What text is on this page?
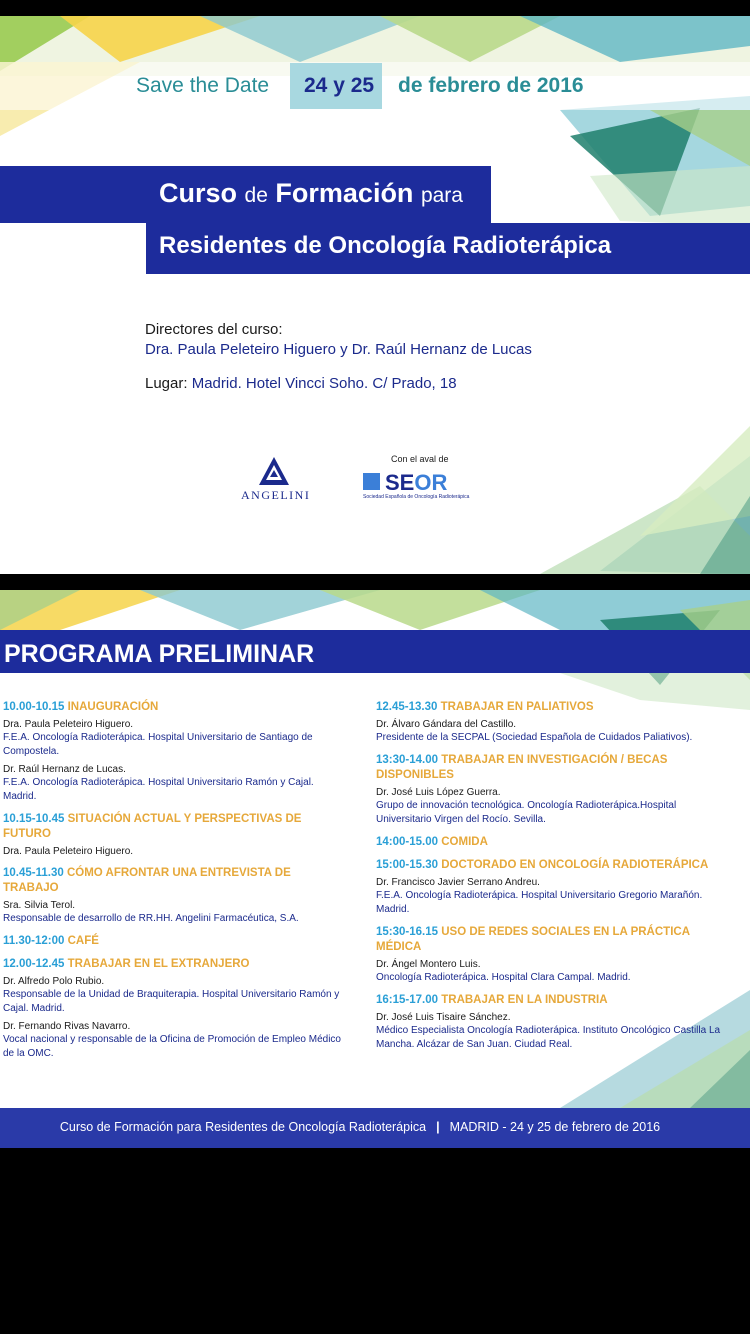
Save the Date 24 y 25 de febrero de 2016
Curso de Formación para
Residentes de Oncología Radioterápica
Directores del curso:
Dra. Paula Peleteiro Higuero y Dr. Raúl Hernanz de Lucas
Lugar: Madrid. Hotel Vincci Soho. C/ Prado, 18
ANGELINI
Con el aval de
SEOR
Sociedad Española de Oncología Radioterápica
PROGRAMA PRELIMINAR
10.00-10.15 INAUGURACIÓN
Dra. Paula Peleteiro Higuero.
F.E.A. Oncología Radioterápica. Hospital Universitario de Santiago de Compostela.
Dr. Raúl Hernanz de Lucas.
F.E.A. Oncología Radioterápica. Hospital Universitario Ramón y Cajal. Madrid.
10.15-10.45 SITUACIÓN ACTUAL Y PERSPECTIVAS DE FUTURO
Dra. Paula Peleteiro Higuero.
10.45-11.30 CÓMO AFRONTAR UNA ENTREVISTA DE TRABAJO
Sra. Silvia Terol.
Responsable de desarrollo de RR.HH. Angelini Farmacéutica, S.A.
11.30-12:00 CAFÉ
12.00-12.45 TRABAJAR EN EL EXTRANJERO
Dr. Alfredo Polo Rubio.
Responsable de la Unidad de Braquiterapia. Hospital Universitario Ramón y Cajal. Madrid.
Dr. Fernando Rivas Navarro.
Vocal nacional y responsable de la Oficina de Promoción de Empleo Médico de la OMC.
12.45-13.30 TRABAJAR EN PALIATIVOS
Dr. Álvaro Gándara del Castillo.
Presidente de la SECPAL (Sociedad Española de Cuidados Paliativos).
13:30-14.00 TRABAJAR EN INVESTIGACIÓN / BECAS DISPONIBLES
Dr. José Luis López Guerra.
Grupo de innovación tecnológica. Oncología Radioterápica.Hospital Universitario Virgen del Rocío. Sevilla.
14:00-15.00 COMIDA
15:00-15.30 DOCTORADO EN ONCOLOGÍA RADIOTERÁPICA
Dr. Francisco Javier Serrano Andreu.
F.E.A. Oncología Radioterápica. Hospital Universitario Gregorio Marañón. Madrid.
15:30-16.15 USO DE REDES SOCIALES EN LA PRÁCTICA MÉDICA
Dr. Ángel Montero Luis.
Oncología Radioterápica. Hospital Clara Campal. Madrid.
16:15-17.00 TRABAJAR EN LA INDUSTRIA
Dr. José Luis Tisaire Sánchez.
Médico Especialista Oncología Radioterápica. Instituto Oncológico Castilla La Mancha. Alcázar de San Juan. Ciudad Real.
Curso de Formación para Residentes de Oncología Radioterápica | MADRID - 24 y 25 de febrero de 2016
